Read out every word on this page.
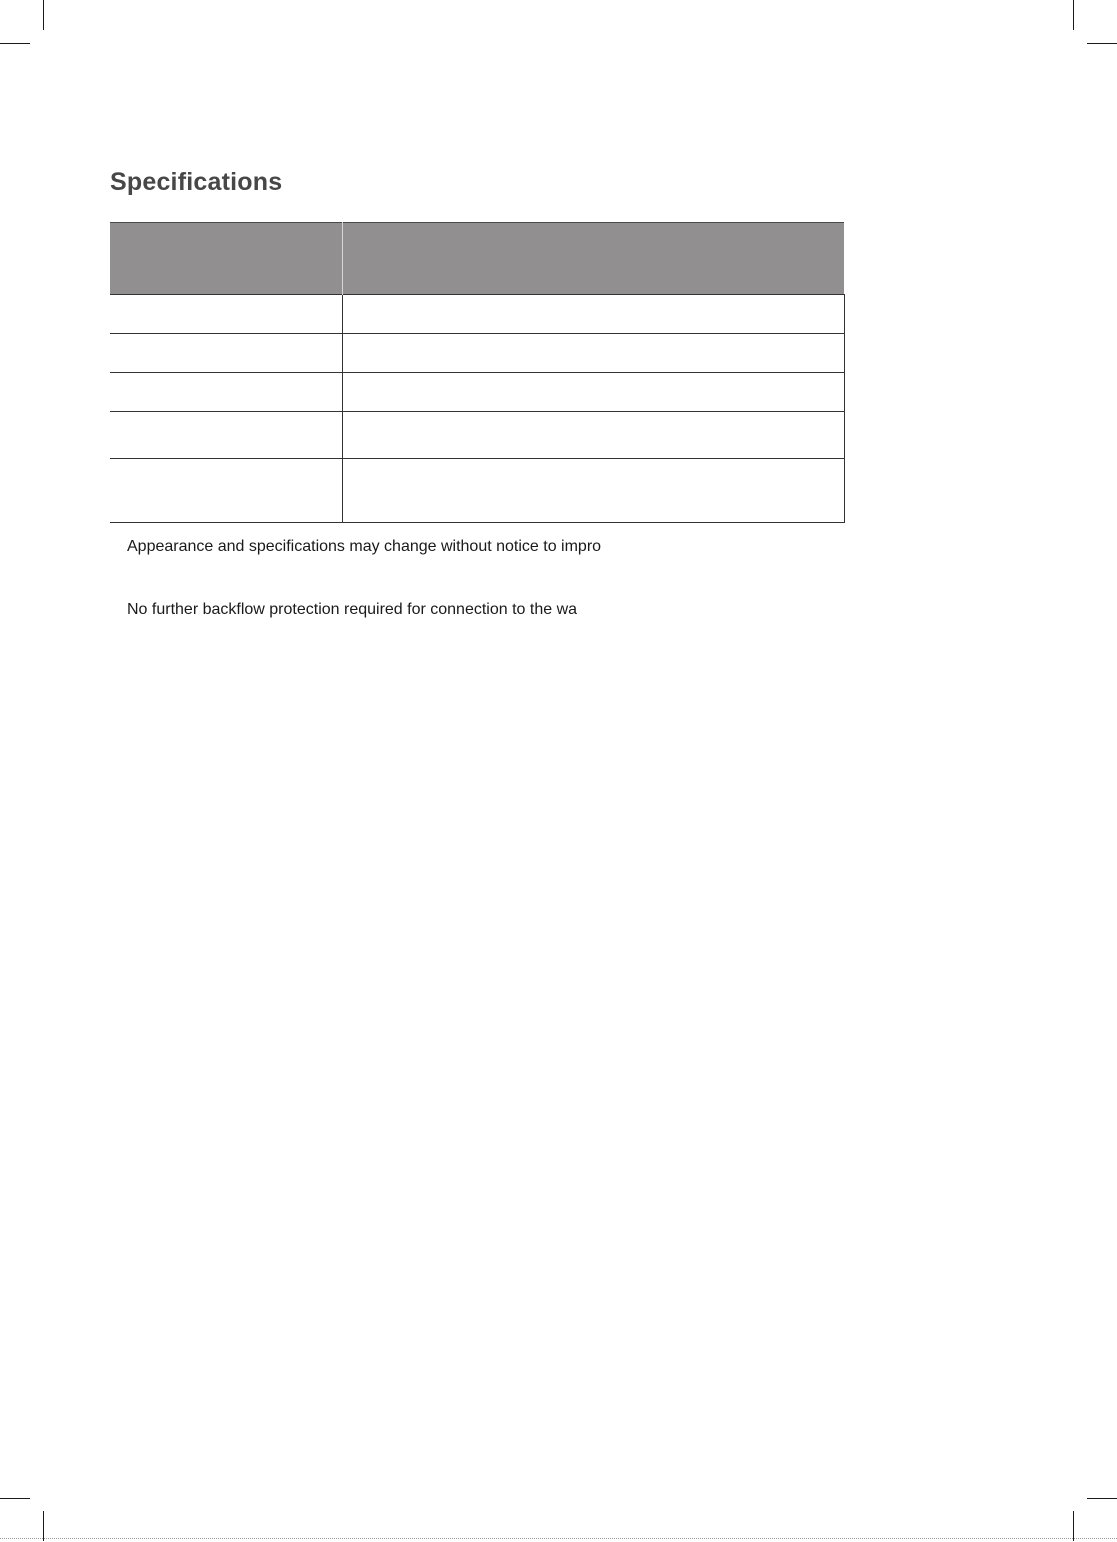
Specifications

Appearance and specifications may change without notice to impro

No further backflow protection required for connection to the wa
